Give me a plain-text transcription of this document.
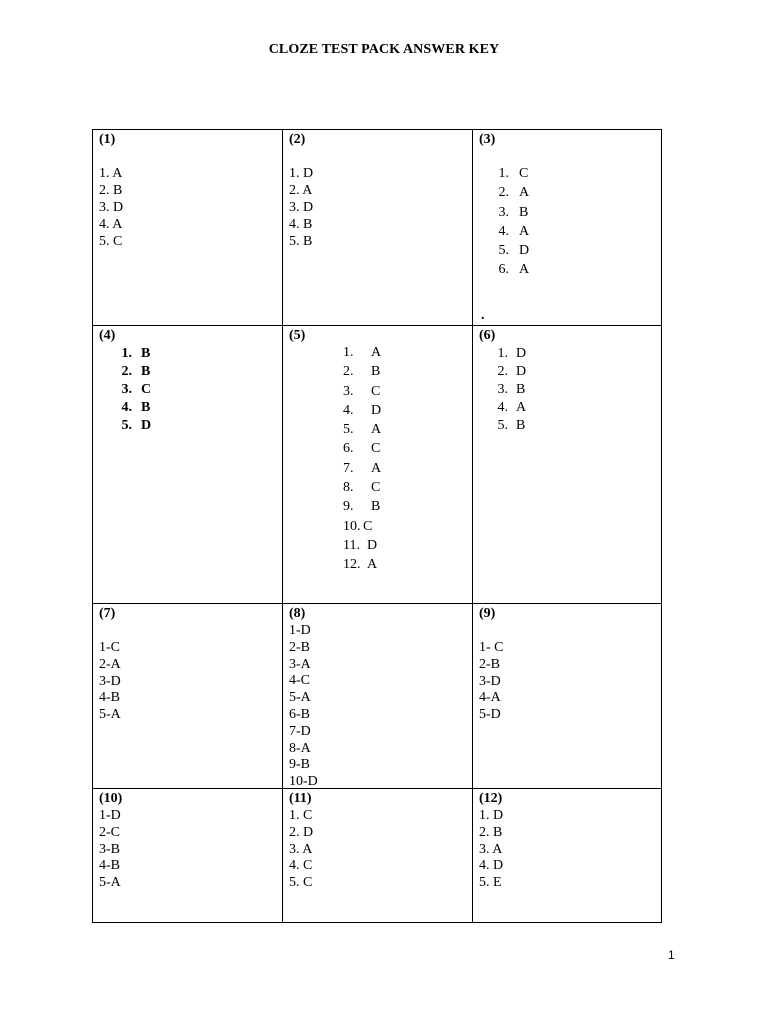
CLOZE TEST PACK ANSWER KEY
(1)
1. A
2. B
3. D
4. A
5. C
(2)
1. D
2. A
3. D
4. B
5. B
(3)
1. C
2. A
3. B
4. A
5. D
6. A
.
(4)
1. B
2. B
3. C
4. B
5. D
(5)
1.	A
2.	B
3.	C
4.	D
5.	A
6.	C
7.	A
8.	C
9.	B
10. C
11. D
12. A
(6)
1. D
2. D
3. B
4. A
5. B
(7)
1-C
2-A
3-D
4-B
5-A
(8)
1-D
2-B
3-A
4-C
5-A
6-B
7-D
8-A
9-B
10-D
(9)
1- C
2-B
3-D
4-A
5-D
(10)
1-D
2-C
3-B
4-B
5-A
(11)
1. C
2. D
3. A
4. C
5. C
(12)
1. D
2. B
3. A
4. D
5. E
1
